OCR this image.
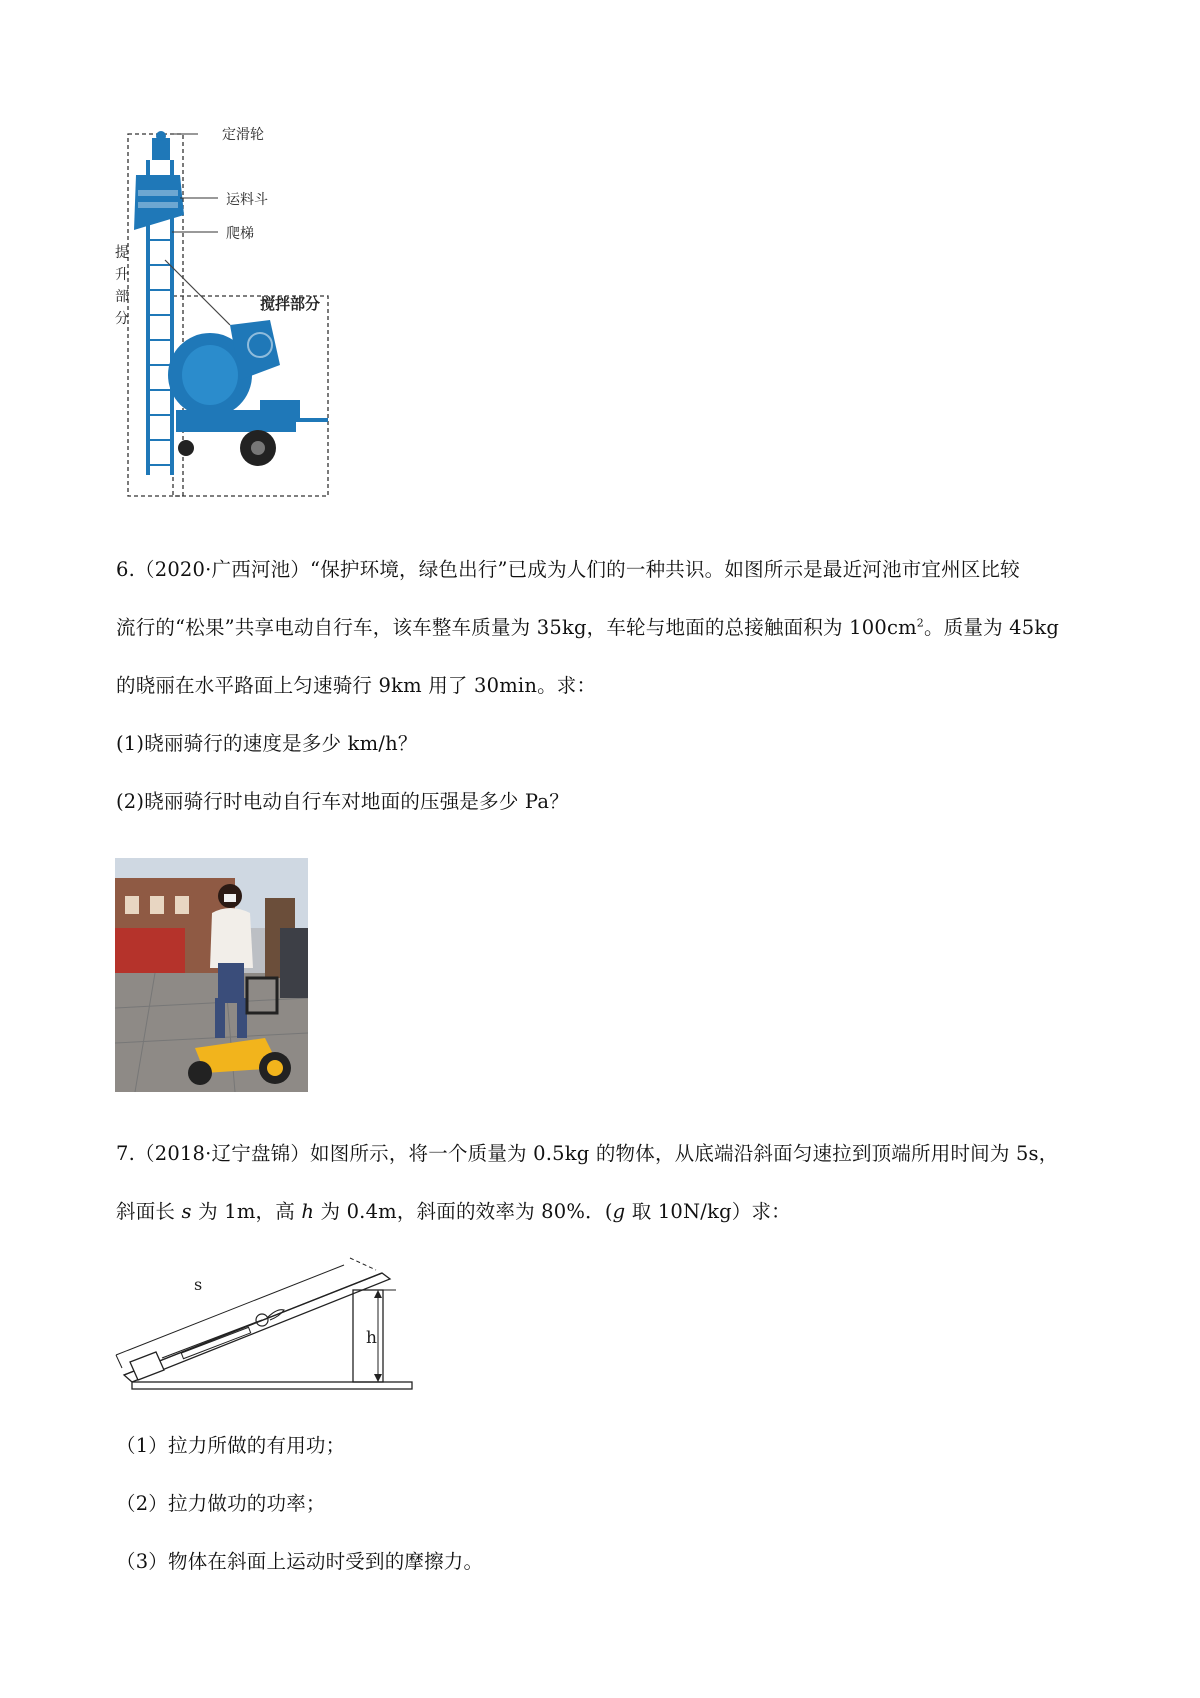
定滑轮
运料斗
爬梯
搅拌部分
提
升
部
分
6.（2020·广西河池）“保护环境，绿色出行”已成为人们的一种共识。如图所示是最近河池市宜州区比较
流行的“松果”共享电动自行车，该车整车质量为 35kg，车轮与地面的总接触面积为 $100cm^2$。质量为 45kg
的晓丽在水平路面上匀速骑行 9km 用了 30min。求：
(1)晓丽骑行的速度是多少 km/h？
(2)晓丽骑行时电动自行车对地面的压强是多少 Pa？
7.（2018·辽宁盘锦）如图所示，将一个质量为 0.5kg 的物体，从底端沿斜面匀速拉到顶端所用时间为 5s，
斜面长 s 为 1m，高 h 为 0.4m，斜面的效率为 80%．(g 取 10N/kg）求：
s
h
（1）拉力所做的有用功；
（2）拉力做功的功率；
（3）物体在斜面上运动时受到的摩擦力。
